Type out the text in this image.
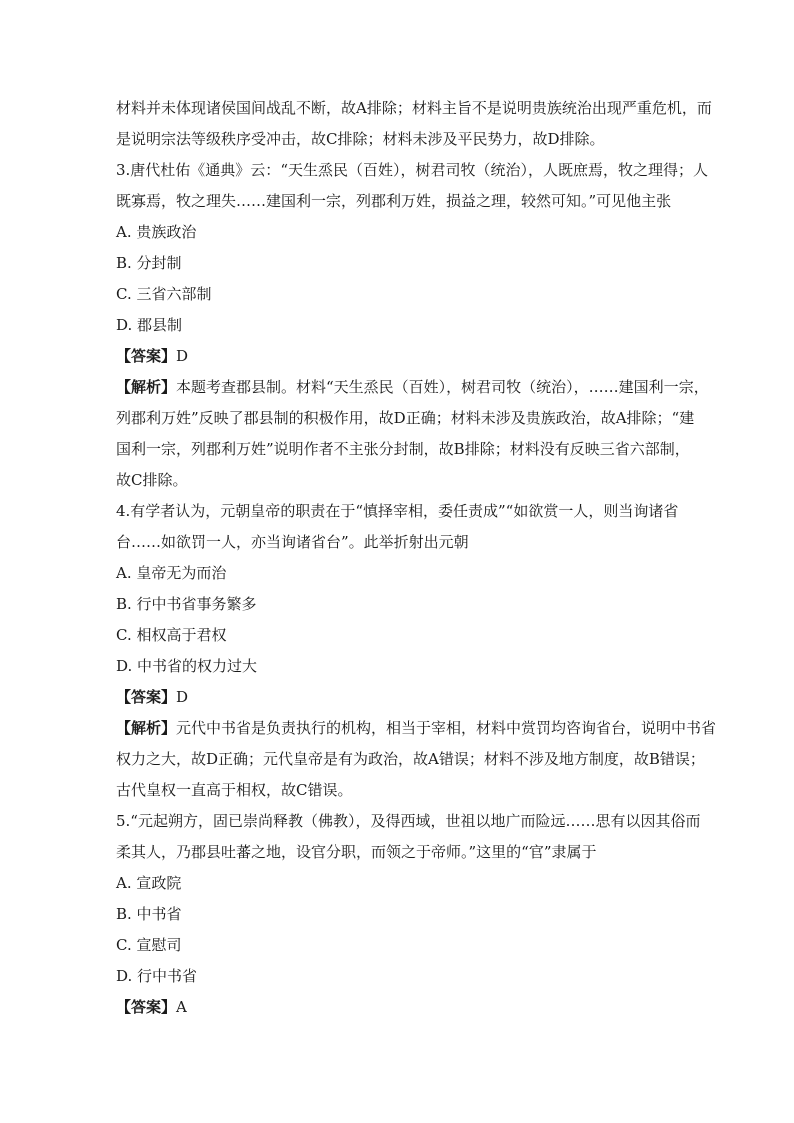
材料并未体现诸侯国间战乱不断，故A排除；材料主旨不是说明贵族统治出现严重危机，而
是说明宗法等级秩序受冲击，故C排除；材料未涉及平民势力，故D排除。
3.唐代杜佑《通典》云：“天生烝民（百姓），树君司牧（统治），人既庶焉，牧之理得；人
既寡焉，牧之理失……建国利一宗，列郡利万姓，损益之理，较然可知。”可见他主张
A. 贵族政治
B. 分封制
C. 三省六部制
D. 郡县制
【答案】D
【解析】本题考查郡县制。材料“天生烝民（百姓），树君司牧（统治），……建国利一宗，
列郡利万姓”反映了郡县制的积极作用，故D正确；材料未涉及贵族政治，故A排除；“建
国利一宗，列郡利万姓”说明作者不主张分封制，故B排除；材料没有反映三省六部制，
故C排除。
4.有学者认为，元朝皇帝的职责在于“慎择宰相，委任责成”“如欲赏一人，则当询诸省
台……如欲罚一人，亦当询诸省台”。此举折射出元朝
A. 皇帝无为而治
B. 行中书省事务繁多
C. 相权高于君权
D. 中书省的权力过大
【答案】D
【解析】元代中书省是负责执行的机构，相当于宰相，材料中赏罚均咨询省台，说明中书省
权力之大，故D正确；元代皇帝是有为政治，故A错误；材料不涉及地方制度，故B错误；
古代皇权一直高于相权，故C错误。
5.“元起朔方，固已崇尚释教（佛教），及得西域，世祖以地广而险远……思有以因其俗而
柔其人，乃郡县吐蕃之地，设官分职，而领之于帝师。”这里的“官”隶属于
A. 宣政院
B. 中书省
C. 宣慰司
D. 行中书省
【答案】A
